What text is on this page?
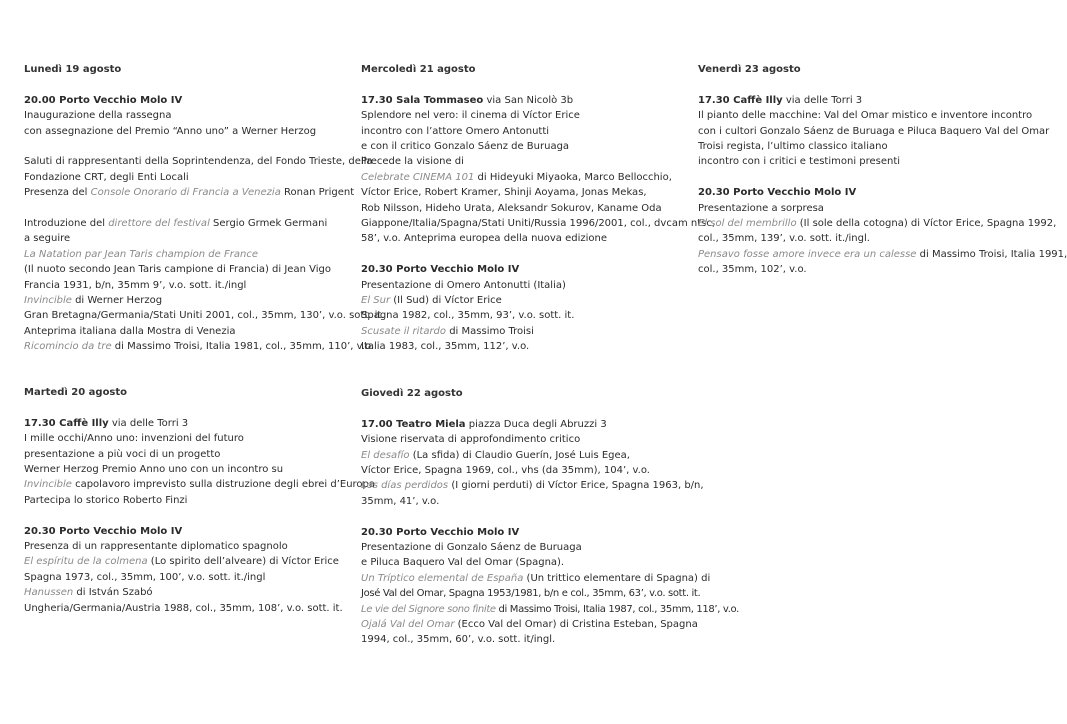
Lunedì 19 agosto
20.00 Porto Vecchio Molo IV
Inaugurazione della rassegna
con assegnazione del Premio “Anno uno” a Werner Herzog
Saluti di rappresentanti della Soprintendenza, del Fondo Trieste, della
Fondazione CRT, degli Enti Locali
Presenza del Console Onorario di Francia a Venezia Ronan Prigent
Introduzione del direttore del festival Sergio Grmek Germani
a seguire
La Natation par Jean Taris champion de France
(Il nuoto secondo Jean Taris campione di Francia) di Jean Vigo
Francia 1931, b/n, 35mm 9’, v.o. sott. it./ingl
Invincible di Werner Herzog
Gran Bretagna/Germania/Stati Uniti 2001, col., 35mm, 130’, v.o. sott. it.
Anteprima italiana dalla Mostra di Venezia
Ricomincio da tre di Massimo Troisi, Italia 1981, col., 35mm, 110’, v.o.
Martedì 20 agosto
17.30 Caffè Illy via delle Torri 3
I mille occhi/Anno uno: invenzioni del futuro
presentazione a più voci di un progetto
Werner Herzog Premio Anno uno con un incontro su
Invincible capolavoro imprevisto sulla distruzione degli ebrei d’Europa
Partecipa lo storico Roberto Finzi
20.30 Porto Vecchio Molo IV
Presenza di un rappresentante diplomatico spagnolo
El espíritu de la colmena (Lo spirito dell’alveare) di Víctor Erice
Spagna 1973, col., 35mm, 100’, v.o. sott. it./ingl
Hanussen di István Szabó
Ungheria/Germania/Austria 1988, col., 35mm, 108’, v.o. sott. it.
Mercoledì 21 agosto
17.30 Sala Tommaseo via San Nicolò 3b
Splendore nel vero: il cinema di Víctor Erice
incontro con l’attore Omero Antonutti
e con il critico Gonzalo Sáenz de Buruaga
Precede la visione di
Celebrate CINEMA 101 di Hideyuki Miyaoka, Marco Bellocchio,
Víctor Erice, Robert Kramer, Shinji Aoyama, Jonas Mekas,
Rob Nilsson, Hideho Urata, Aleksandr Sokurov, Kaname Oda
Giappone/Italia/Spagna/Stati Uniti/Russia 1996/2001, col., dvcam ntsc,
58’, v.o. Anteprima europea della nuova edizione
20.30 Porto Vecchio Molo IV
Presentazione di Omero Antonutti (Italia)
El Sur (Il Sud) di Víctor Erice
Spagna 1982, col., 35mm, 93’, v.o. sott. it.
Scusate il ritardo di Massimo Troisi
Italia 1983, col., 35mm, 112’, v.o.
Giovedì 22 agosto
17.00 Teatro Miela piazza Duca degli Abruzzi 3
Visione riservata di approfondimento critico
El desafío (La sfida) di Claudio Guerín, José Luis Egea,
Víctor Erice, Spagna 1969, col., vhs (da 35mm), 104’, v.o.
Los días perdidos (I giorni perduti) di Víctor Erice, Spagna 1963, b/n,
35mm, 41’, v.o.
20.30 Porto Vecchio Molo IV
Presentazione di Gonzalo Sáenz de Buruaga
e Piluca Baquero Val del Omar (Spagna).
Un Tríptico elemental de España (Un trittico elementare di Spagna) di
José Val del Omar, Spagna 1953/1981, b/n e col., 35mm, 63’, v.o. sott. it.
Le vie del Signore sono finite di Massimo Troisi, Italia 1987, col., 35mm, 118’, v.o.
Ojalá Val del Omar (Ecco Val del Omar) di Cristina Esteban, Spagna
1994, col., 35mm, 60’, v.o. sott. it/ingl.
Venerdì 23 agosto
17.30 Caffè Illy via delle Torri 3
Il pianto delle macchine: Val del Omar mistico e inventore incontro
con i cultori Gonzalo Sáenz de Buruaga e Piluca Baquero Val del Omar
Troisi regista, l’ultimo classico italiano
incontro con i critici e testimoni presenti
20.30 Porto Vecchio Molo IV
Presentazione a sorpresa
El sol del membrillo (Il sole della cotogna) di Víctor Erice, Spagna 1992,
col., 35mm, 139’, v.o. sott. it./ingl.
Pensavo fosse amore invece era un calesse di Massimo Troisi, Italia 1991,
col., 35mm, 102’, v.o.
